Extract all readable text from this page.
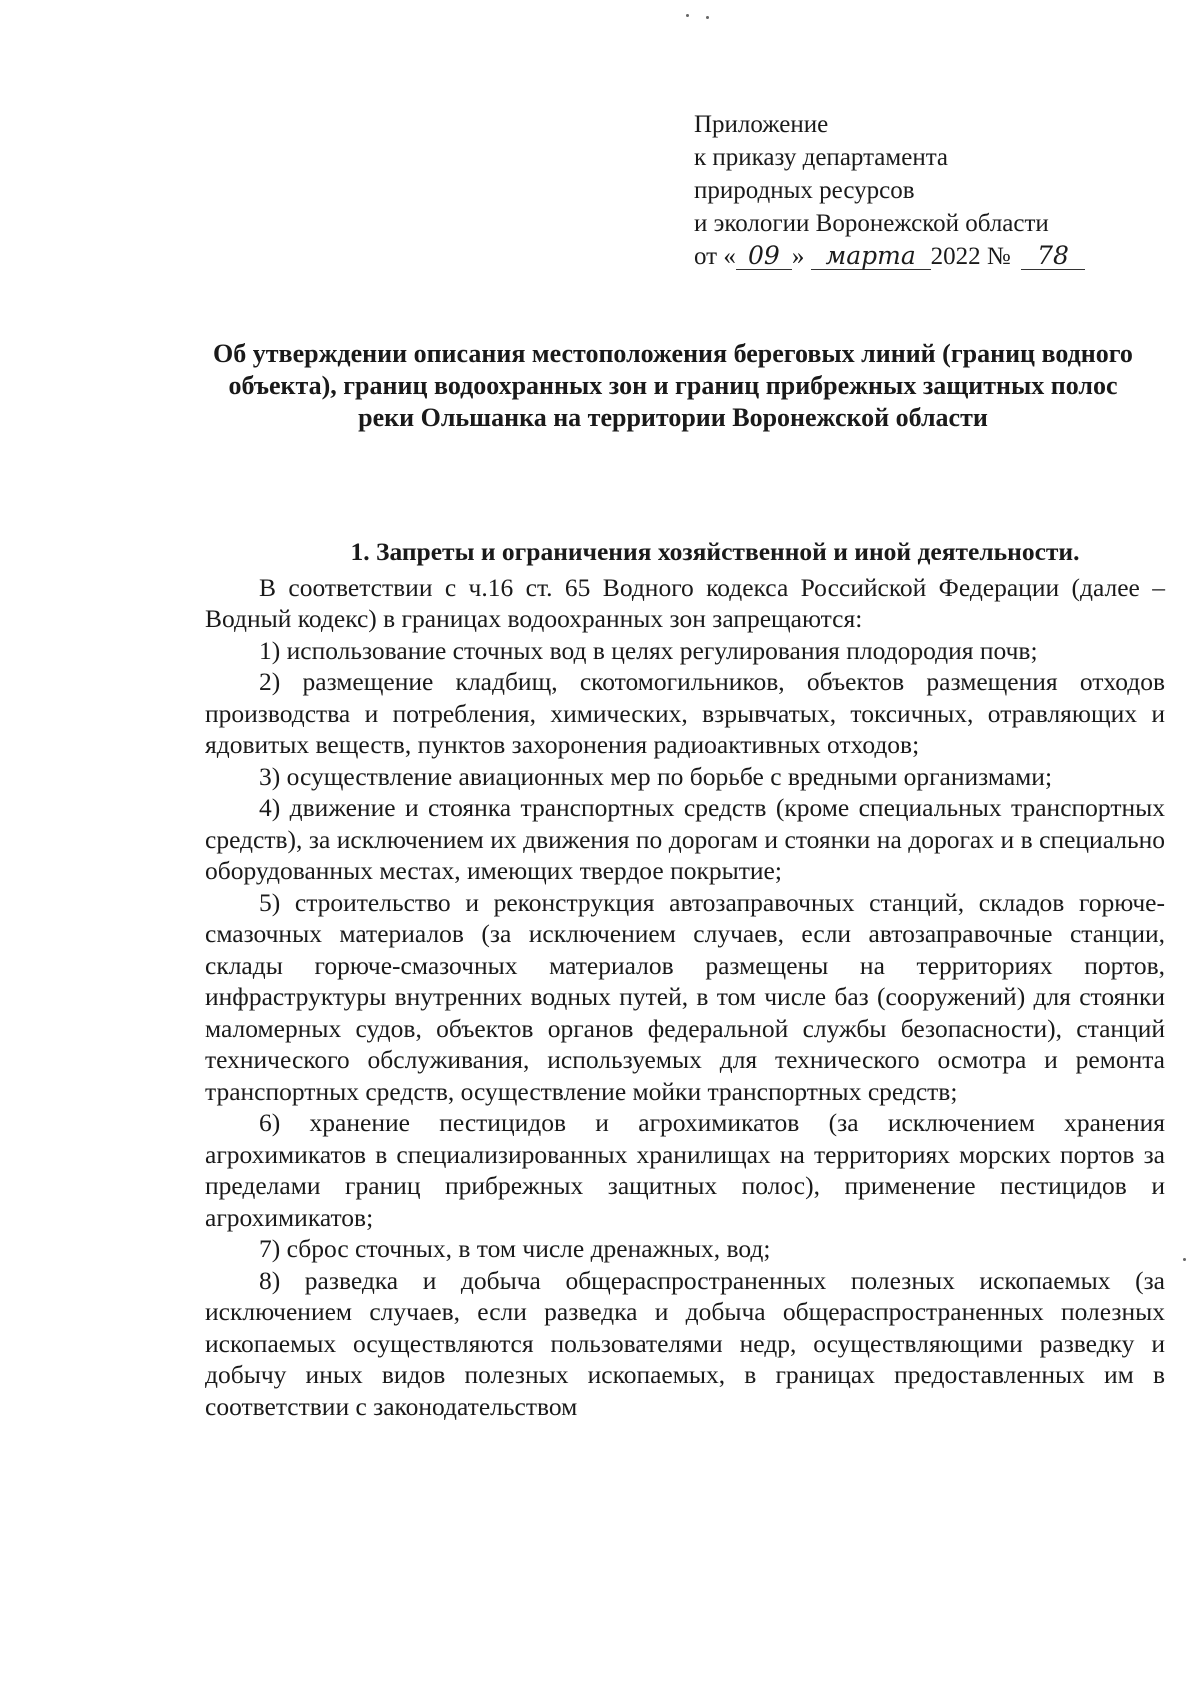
Приложение
к приказу департамента
природных ресурсов
и экологии Воронежской области
от « 09 » марта 2022 № 78
Об утверждении описания местоположения береговых линий (границ водного объекта), границ водоохранных зон и границ прибрежных защитных полос реки Ольшанка на территории Воронежской области
1. Запреты и ограничения хозяйственной и иной деятельности.

В соответствии с ч.16 ст. 65 Водного кодекса Российской Федерации (далее – Водный кодекс) в границах водоохранных зон запрещаются:

1) использование сточных вод в целях регулирования плодородия почв;

2) размещение кладбищ, скотомогильников, объектов размещения отходов производства и потребления, химических, взрывчатых, токсичных, отравляющих и ядовитых веществ, пунктов захоронения радиоактивных отходов;

3) осуществление авиационных мер по борьбе с вредными организмами;

4) движение и стоянка транспортных средств (кроме специальных транспортных средств), за исключением их движения по дорогам и стоянки на дорогах и в специально оборудованных местах, имеющих твердое покрытие;

5) строительство и реконструкция автозаправочных станций, складов горюче-смазочных материалов (за исключением случаев, если автозаправочные станции, склады горюче-смазочных материалов размещены на территориях портов, инфраструктуры внутренних водных путей, в том числе баз (сооружений) для стоянки маломерных судов, объектов органов федеральной службы безопасности), станций технического обслуживания, используемых для технического осмотра и ремонта транспортных средств, осуществление мойки транспортных средств;

6) хранение пестицидов и агрохимикатов (за исключением хранения агрохимикатов в специализированных хранилищах на территориях морских портов за пределами границ прибрежных защитных полос), применение пестицидов и агрохимикатов;

7) сброс сточных, в том числе дренажных, вод;

8) разведка и добыча общераспространенных полезных ископаемых (за исключением случаев, если разведка и добыча общераспространенных полезных ископаемых осуществляются пользователями недр, осуществляющими разведку и добычу иных видов полезных ископаемых, в границах предоставленных им в соответствии с законодательством
